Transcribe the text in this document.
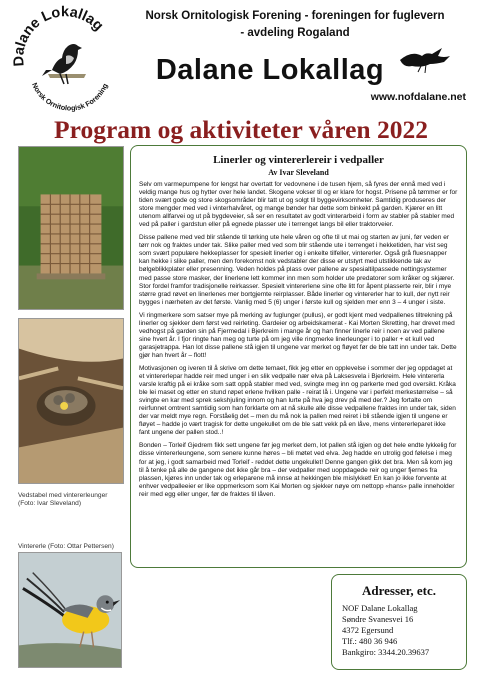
Dalane Lokallag
Norsk Ornitologisk Forening
Norsk Ornitologisk Forening - foreningen for fuglevern
- avdeling Rogaland
Dalane Lokallag
www.nofdalane.net
Program og aktiviteter våren 2022
Vedstabel med vintererleunger
(Foto: Ivar Sleveland)
Vintererle (Foto: Ottar Pettersen)
Linerler og vintererlereir i vedpaller
Av Ivar Sleveland

Selv om varmepumpene for lengst har overtatt for vedovnene i de tusen hjem, så fyres der ennå med ved i veldig mange hus og hytter over hele landet. Skogene vokser til og er klare for hogst. Prisene på tømmer er for tiden svært gode og store skogsområder blir tatt ut og solgt til byggevirksomheter. Samtidig produseres der store mengder med ved i vinterhalvåret, og mange bønder har dette som binkekt på garden. Kjærer en litt utenom allfarvei og ut på bygdeveier, så ser en resultatet av godt vinterarbeid i form av stabler på stabler med ved på paller i gardstun eller på egnede plasser ute i terrenget langs bil eller traktorveier.

Disse pallene med ved blir stående til tørking ute hele våren og ofte til ut mai og starten av juni, før veden er tørr nok og fraktes under tak. Slike paller med ved som blir stående ute i terrenget i hekketiden, har vist seg som svært populære hekkeplasser for spesielt linerler og i enkelte tilfeller, vintererler. Også grå fluesnapper kan hekke i slike paller, men den forekomst nok vedstabler der disse er utstyrt med utstikkende tak av bølgeblikkplater eller presenning. Veden holdes på plass over pallene av spesialtilpassede nettingsystemer med passe store masker, der linerlene lett kommer inn men som holder ute predatorer som kråker og skjærer. Stor fordel framfor tradisjonelle reirkasser. Spesielt vintererlene sine ofte litt for åpent plasserte reir, blir i mye større grad røvet en linerlenes mer bortgjemte reirplasser. Både linerler og vintererler har to kull, der nytt reir bygges i nærheten av det første. Vanlig med 5 (6) unger i første kull og sjelden mer enn 3 – 4 unger i siste.

Vi ringmerkere som satser mye på merking av fuglunger (pullus), er godt kjent med vedpallenes tiltrekning på linerler og sjekker dem først ved reirleting. Gardeier og arbeidskamerat - Kai Morten Skretting, har drevet med vedhogst på garden sin på Fjermedal i Bjerkreim i mange år og han finner linerle reir i noen av ved pallene sine hvert år. I fjor ringte han meg og turte på om jeg ville ringmerke linerleunger i to paller + et kull ved garasjetrappa. Han lot disse pallene stå igjen til ungene var merket og fløyet før de ble tatt inn under tak. Dette gjør han hvert år – flott!

Motivasjonen og iveren til å skrive om dette temaet, fikk jeg etter en opplevelse i sommer der jeg oppdaget at et vintererlepar hadde reir med unger i en slik vedpalle nær elva på Laksesvela i Bjerkreim. Hele vintererla varsle kraftig på ei kråke som satt oppå stabler med ved, svingte meg inn og parkerte med god oversikt. Kråka ble lei maset og etter en stund røpet erlene hvilken palle - reirat lå i. Ungene var i perfekt merkestørrelse – så svingte en kar med sprek sekshjuling innom og han lurte på hva jeg drev på med der.? Jeg fortalte om reirfunnet omtrent samtidig som han forklarte om at nå skulle alle disse vedpallene fraktes inn under tak, siden der var meldt mye regn. Forståelig det – men du må nok la pallen med reiret i bli stående igjen til ungene er fløyet – hadde jo vært tragisk for dette ungekullet om de ble satt vekk på en låve, mens vintererleparet ikke fant ungene der pallen stod..!

Bonden – Torleif Gjedrem fikk sett ungene før jeg merket dem, lot pallen stå igjen og det hele endte lykkelig for disse vintererleungene, som senere kunne høres – bli møtet ved elva. Jeg hadde en utrolig god følelse i meg for at jeg, i godt samarbeid med Torleif - reddet dette ungekullet! Denne gangen gikk det bra. Men så kom jeg til å tenke på alle de gangene det ikke går bra – der vedpaller med uoppdagede reir og unger fjernes fra plassen, kjøres inn under tak og erleparene må innse at hekkingen ble mislykket! En kan jo ikke forvente at enhver vedpalleeier er like oppmerksom som Kai Morten og sjekker nøye om nettopp «hans» palle inneholder reir med egg eller unger, før de fraktes til låven.

Adresser, etc.
NOF Dalane Lokallag
Søndre Svanesvei 16
4372 Egersund
Tlf.: 480 36 946
Bankgiro: 3344.20.39637
